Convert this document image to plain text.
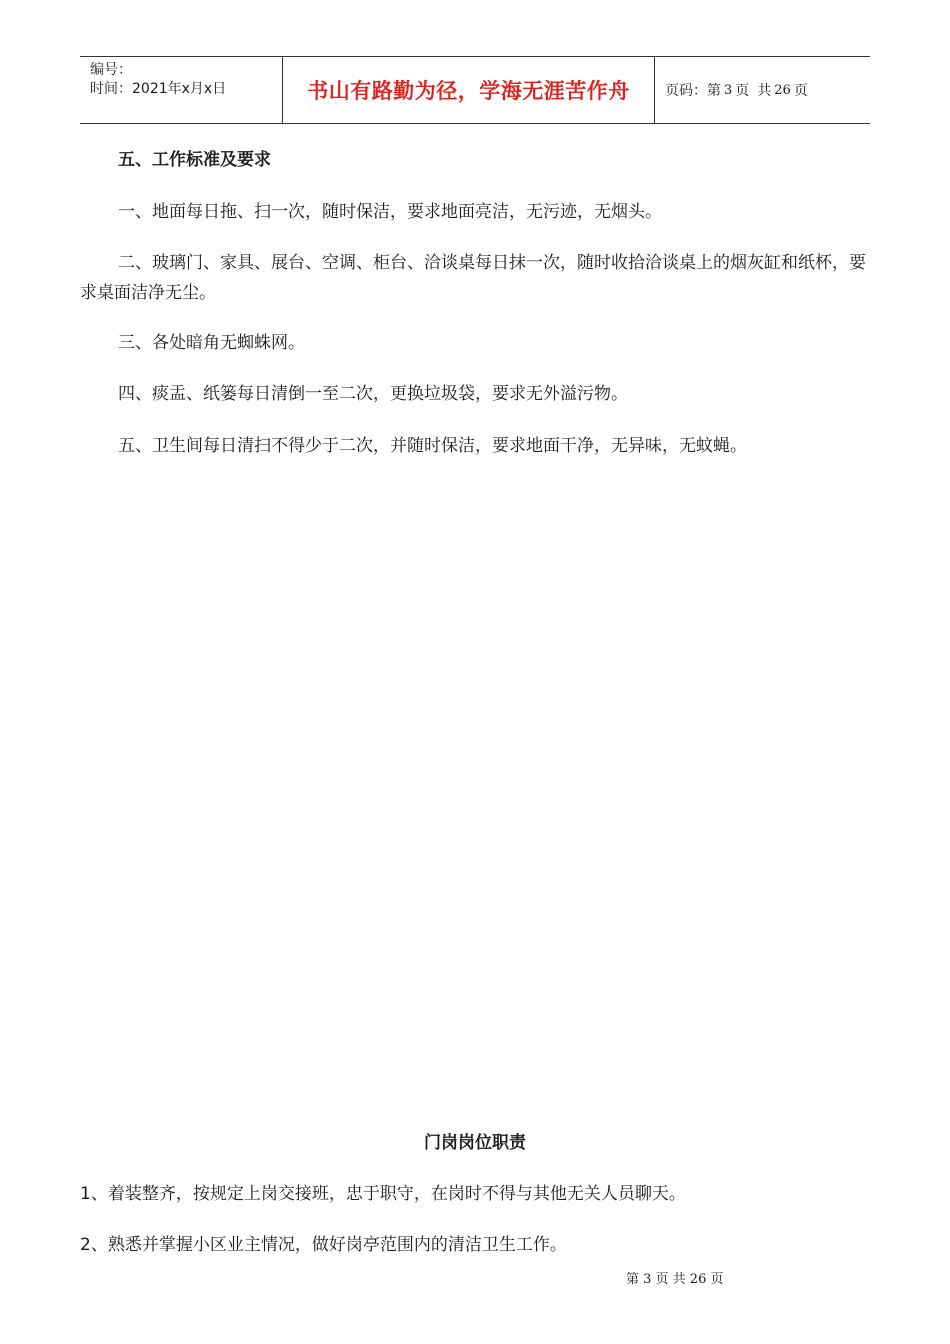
编号：
时间：2021年x月x日	书山有路勤为径，学海无涯苦作舟	页码：第 3 页 共 26 页

五、工作标准及要求

一、地面每日拖、扫一次，随时保洁，要求地面亮洁，无污迹，无烟头。

二、玻璃门、家具、展台、空调、柜台、洽谈桌每日抹一次，随时收拾洽谈桌上的烟灰缸和纸杯，要求桌面洁净无尘。

三、各处暗角无蜘蛛网。

四、痰盂、纸篓每日清倒一至二次，更换垃圾袋，要求无外溢污物。

五、卫生间每日清扫不得少于二次，并随时保洁，要求地面干净，无异味，无蚊蝇。

门岗岗位职责

1、着装整齐，按规定上岗交接班，忠于职守，在岗时不得与其他无关人员聊天。

2、熟悉并掌握小区业主情况，做好岗亭范围内的清洁卫生工作。

第 3 页 共 26 页
